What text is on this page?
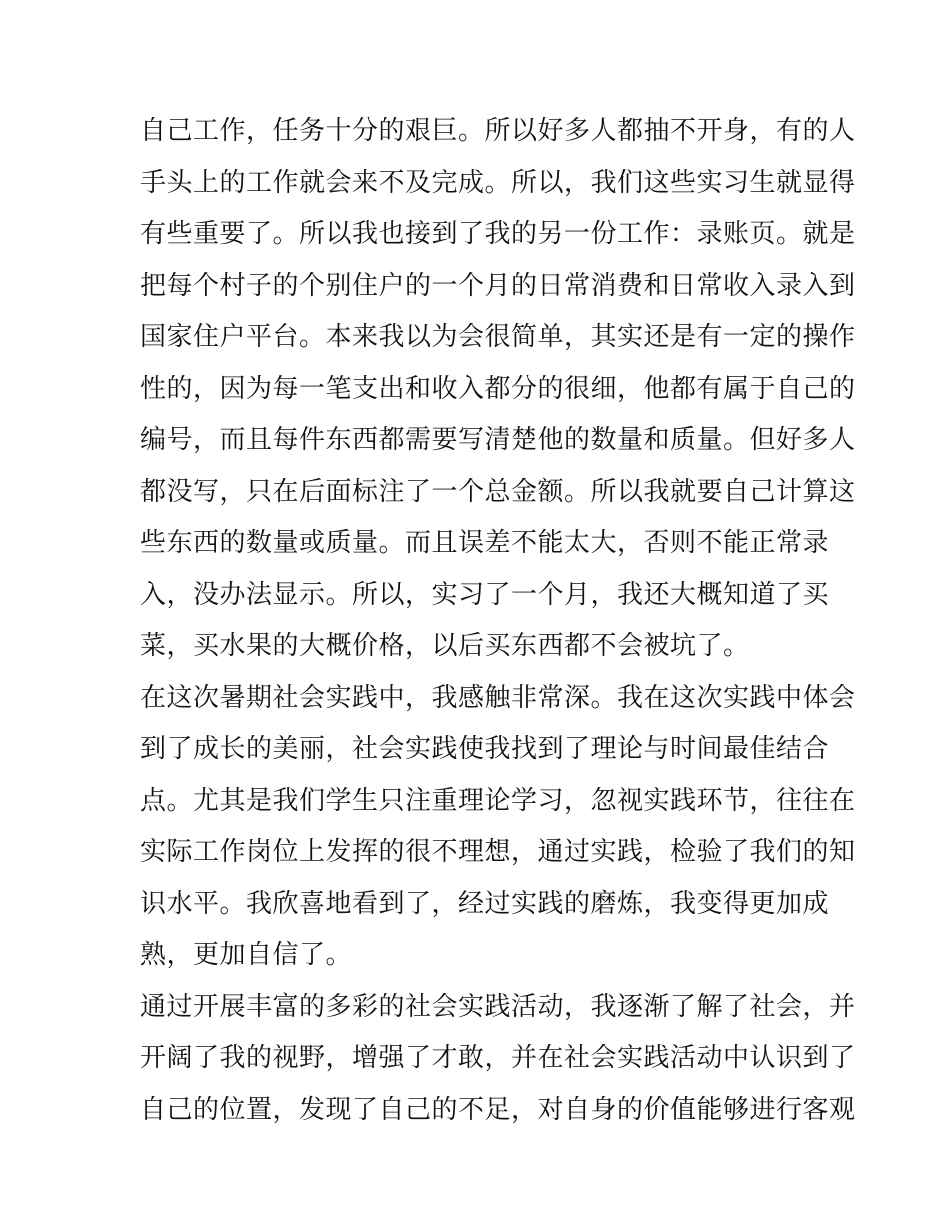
自己工作，任务十分的艰巨。所以好多人都抽不开身，有的人
手头上的工作就会来不及完成。所以，我们这些实习生就显得
有些重要了。所以我也接到了我的另一份工作：录账页。就是
把每个村子的个别住户的一个月的日常消费和日常收入录入到
国家住户平台。本来我以为会很简单，其实还是有一定的操作
性的，因为每一笔支出和收入都分的很细，他都有属于自己的
编号，而且每件东西都需要写清楚他的数量和质量。但好多人
都没写，只在后面标注了一个总金额。所以我就要自己计算这
些东西的数量或质量。而且误差不能太大，否则不能正常录
入，没办法显示。所以，实习了一个月，我还大概知道了买
菜，买水果的大概价格，以后买东西都不会被坑了。
在这次暑期社会实践中，我感触非常深。我在这次实践中体会
到了成长的美丽，社会实践使我找到了理论与时间最佳结合
点。尤其是我们学生只注重理论学习，忽视实践环节，往往在
实际工作岗位上发挥的很不理想，通过实践，检验了我们的知
识水平。我欣喜地看到了，经过实践的磨炼，我变得更加成
熟，更加自信了。
通过开展丰富的多彩的社会实践活动，我逐渐了解了社会，并
开阔了我的视野，增强了才敢，并在社会实践活动中认识到了
自己的位置，发现了自己的不足，对自身的价值能够进行客观
